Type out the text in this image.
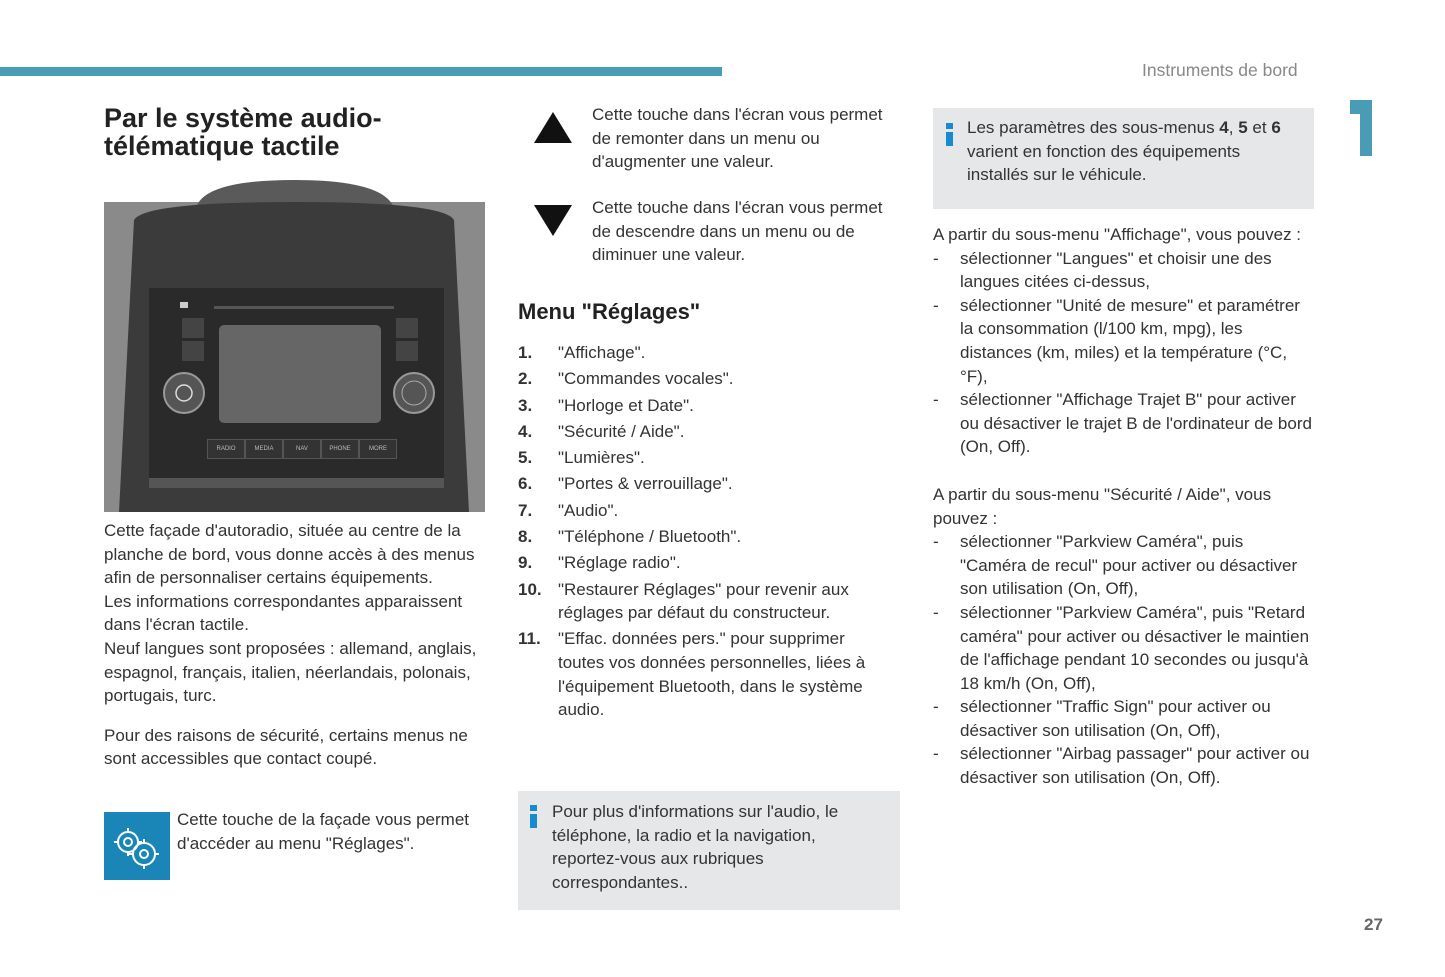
Instruments de bord
Par le système audio-télématique tactile
RADIO	MEDIA	NAV	PHONE	MORE

Cette façade d'autoradio, située au centre de la planche de bord, vous donne accès à des menus afin de personnaliser certains équipements.

Les informations correspondantes apparaissent dans l'écran tactile.

Neuf langues sont proposées : allemand, anglais, espagnol, français, italien, néerlandais, polonais, portugais, turc.

Pour des raisons de sécurité, certains menus ne sont accessibles que contact coupé.

Cette touche de la façade vous permet d'accéder au menu "Réglages".
Cette touche dans l'écran vous permet de remonter dans un menu ou d'augmenter une valeur.
Cette touche dans l'écran vous permet de descendre dans un menu ou de diminuer une valeur.
Menu "Réglages"
1. "Affichage".
2. "Commandes vocales".
3. "Horloge et Date".
4. "Sécurité / Aide".
5. "Lumières".
6. "Portes & verrouillage".
7. "Audio".
8. "Téléphone / Bluetooth".
9. "Réglage radio".
10. "Restaurer Réglages" pour revenir aux réglages par défaut du constructeur.
11. "Effac. données pers." pour supprimer toutes vos données personnelles, liées à l'équipement Bluetooth, dans le système audio.
Pour plus d'informations sur l'audio, le téléphone, la radio et la navigation, reportez-vous aux rubriques correspondantes..
Les paramètres des sous-menus 4, 5 et 6 varient en fonction des équipements installés sur le véhicule.

A partir du sous-menu "Affichage", vous pouvez :

- sélectionner "Langues" et choisir une des langues citées ci-dessus,
- sélectionner "Unité de mesure" et paramétrer la consommation (l/100 km, mpg), les distances (km, miles) et la température (°C, °F),
- sélectionner "Affichage Trajet B" pour activer ou désactiver le trajet B de l'ordinateur de bord (On, Off).

A partir du sous-menu "Sécurité / Aide", vous pouvez :

- sélectionner "Parkview Caméra", puis "Caméra de recul" pour activer ou désactiver son utilisation (On, Off),
- sélectionner "Parkview Caméra", puis "Retard caméra" pour activer ou désactiver le maintien de l'affichage pendant 10 secondes ou jusqu'à 18 km/h (On, Off),
- sélectionner "Traffic Sign" pour activer ou désactiver son utilisation (On, Off),
- sélectionner "Airbag passager" pour activer ou désactiver son utilisation (On, Off).
27
